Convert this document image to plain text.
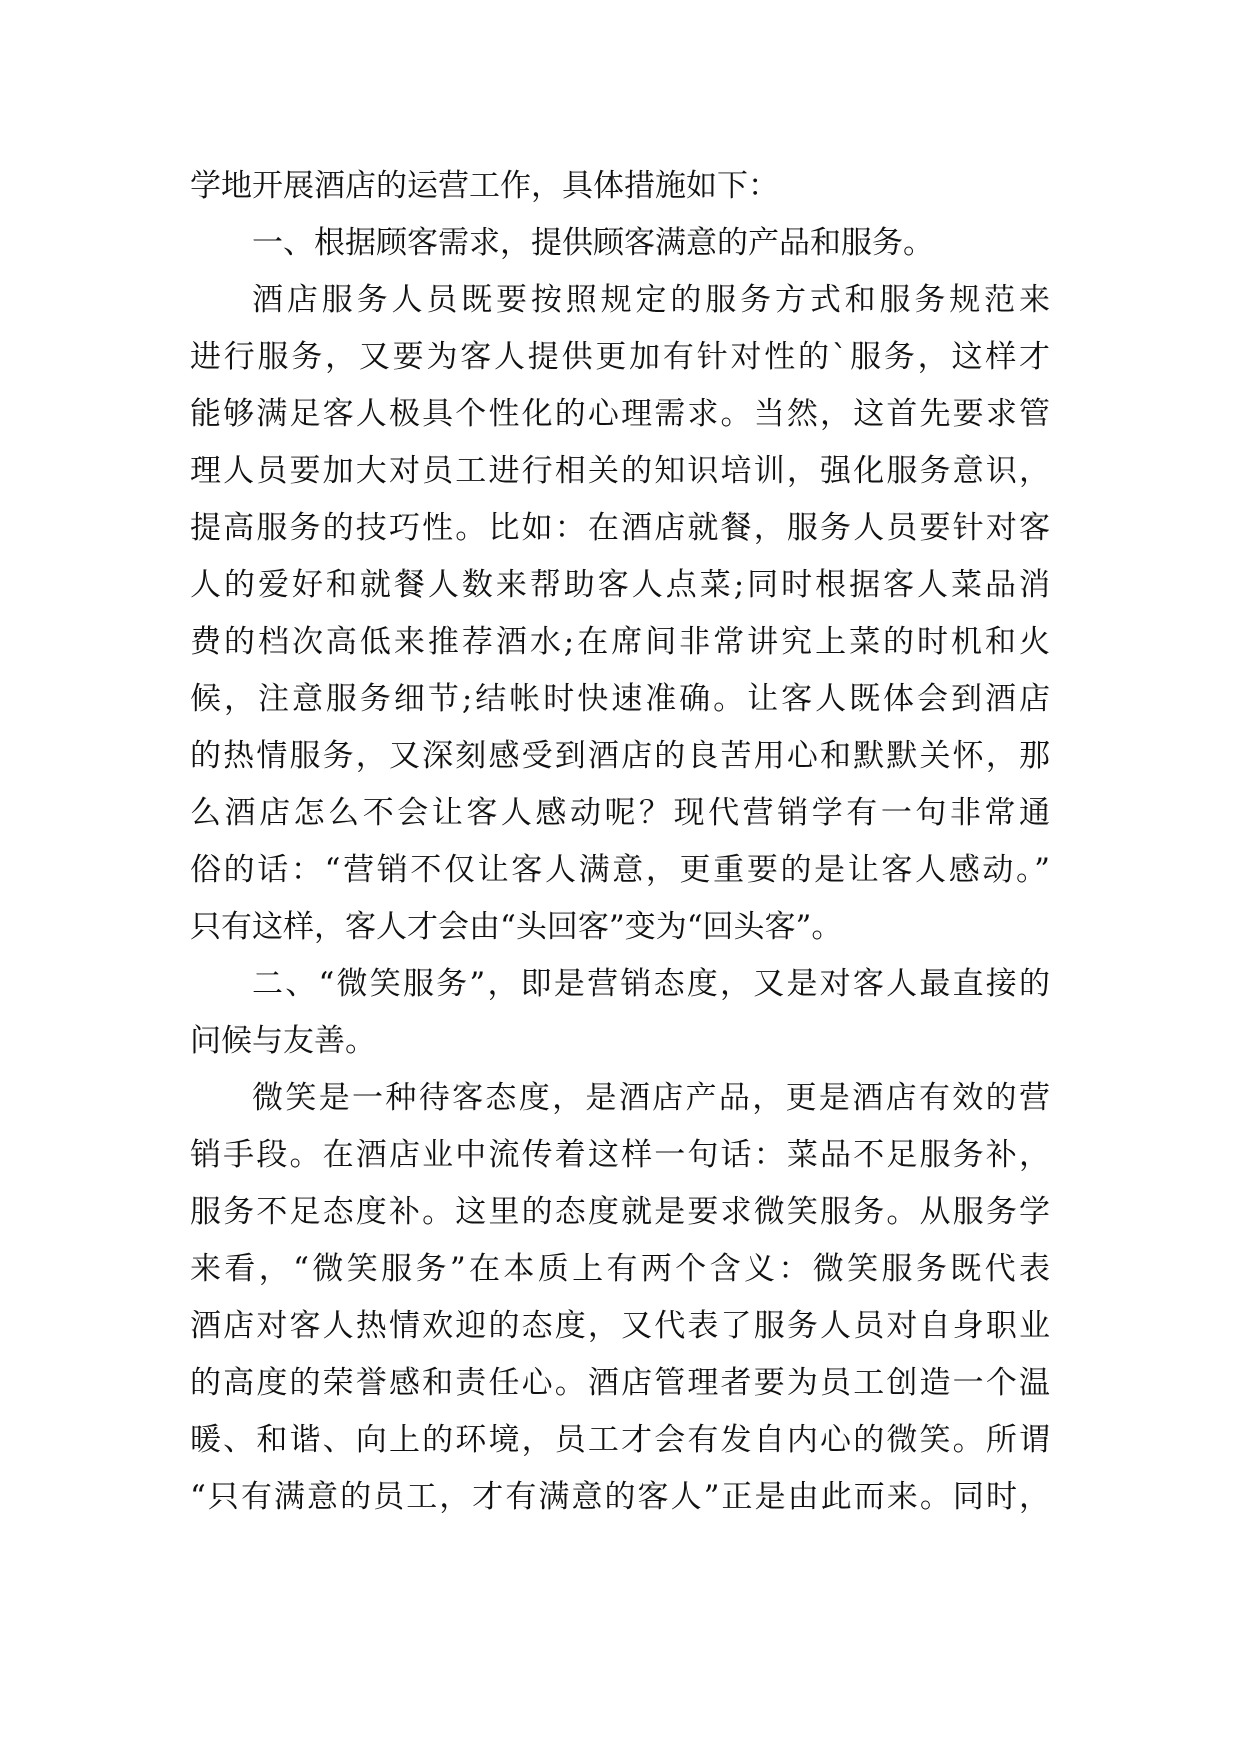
学地开展酒店的运营工作，具体措施如下：
一、根据顾客需求，提供顾客满意的产品和服务。
酒店服务人员既要按照规定的服务方式和服务规范来
进行服务，又要为客人提供更加有针对性的`服务，这样才
能够满足客人极具个性化的心理需求。当然，这首先要求管
理人员要加大对员工进行相关的知识培训，强化服务意识，
提高服务的技巧性。比如：在酒店就餐，服务人员要针对客
人的爱好和就餐人数来帮助客人点菜;同时根据客人菜品消
费的档次高低来推荐酒水;在席间非常讲究上菜的时机和火
候，注意服务细节;结帐时快速准确。让客人既体会到酒店
的热情服务，又深刻感受到酒店的良苦用心和默默关怀，那
么酒店怎么不会让客人感动呢？现代营销学有一句非常通
俗的话：“营销不仅让客人满意，更重要的是让客人感动。”
只有这样，客人才会由“头回客”变为“回头客”。
二、“微笑服务”，即是营销态度，又是对客人最直接的
问候与友善。
微笑是一种待客态度，是酒店产品，更是酒店有效的营
销手段。在酒店业中流传着这样一句话：菜品不足服务补，
服务不足态度补。这里的态度就是要求微笑服务。从服务学
来看，“微笑服务”在本质上有两个含义：微笑服务既代表
酒店对客人热情欢迎的态度，又代表了服务人员对自身职业
的高度的荣誉感和责任心。酒店管理者要为员工创造一个温
暖、和谐、向上的环境，员工才会有发自内心的微笑。所谓
“只有满意的员工，才有满意的客人”正是由此而来。同时，
